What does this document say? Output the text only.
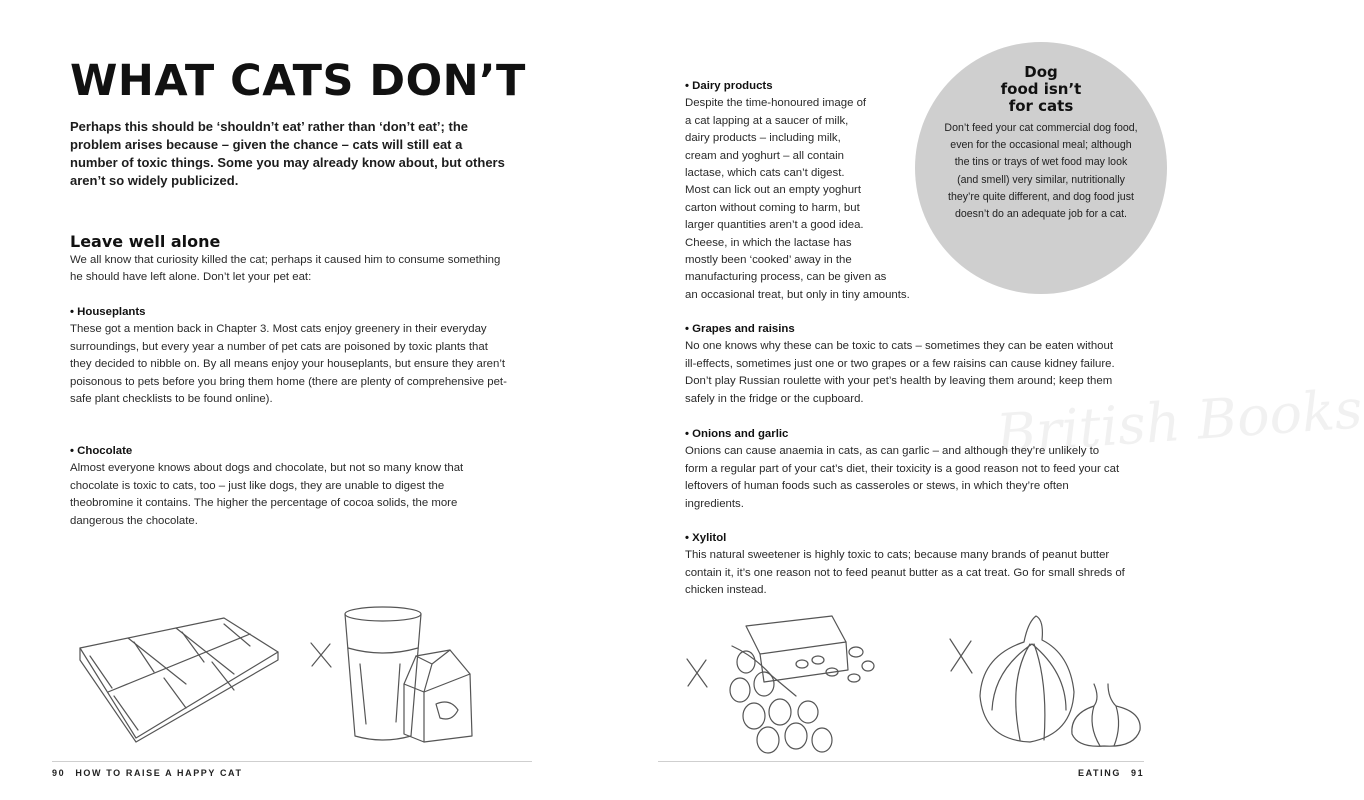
WHAT CATS DON’T

Perhaps this should be ‘shouldn’t eat’ rather than ‘don’t eat’; the problem arises because – given the chance – cats will still eat a number of toxic things. Some you may already know about, but others aren’t so widely publicized.

Leave well alone

We all know that curiosity killed the cat; perhaps it caused him to consume something he should have left alone. Don’t let your pet eat:

• Houseplants

These got a mention back in Chapter 3. Most cats enjoy greenery in their everyday surroundings, but every year a number of pet cats are poisoned by toxic plants that they decided to nibble on. By all means enjoy your houseplants, but ensure they aren’t poisonous to pets before you bring them home (there are plenty of comprehensive pet-safe plant checklists to be found online).

• Chocolate

Almost everyone knows about dogs and chocolate, but not so many know that chocolate is toxic to cats, too – just like dogs, they are unable to digest the theobromine it contains. The higher the percentage of cocoa solids, the more dangerous the chocolate.

90 HOW TO RAISE A HAPPY CAT
British Books

• Dairy products

Despite the time-honoured image of
a cat lapping at a saucer of milk,
dairy products – including milk,
cream and yoghurt – all contain
lactase, which cats can’t digest.
Most can lick out an empty yoghurt
carton without coming to harm, but
larger quantities aren’t a good idea.
Cheese, in which the lactase has
mostly been ‘cooked’ away in the
manufacturing process, can be given as
an occasional treat, but only in tiny amounts.

Dog
food isn’t
for cats
Don’t feed your cat commercial dog food, even for the occasional meal; although the tins or trays of wet food may look (and smell) very similar, nutritionally they’re quite different, and dog food just doesn’t do an adequate job for a cat.

• Grapes and raisins

No one knows why these can be toxic to cats – sometimes they can be eaten without ill-effects, sometimes just one or two grapes or a few raisins can cause kidney failure. Don’t play Russian roulette with your pet’s health by leaving them around; keep them safely in the fridge or the cupboard.

• Onions and garlic

Onions can cause anaemia in cats, as can garlic – and although they’re unlikely to form a regular part of your cat’s diet, their toxicity is a good reason not to feed your cat leftovers of human foods such as casseroles or stews, in which they’re often ingredients.

• Xylitol

This natural sweetener is highly toxic to cats; because many brands of peanut butter contain it, it’s one reason not to feed peanut butter as a cat treat. Go for small shreds of chicken instead.

EATING 91
